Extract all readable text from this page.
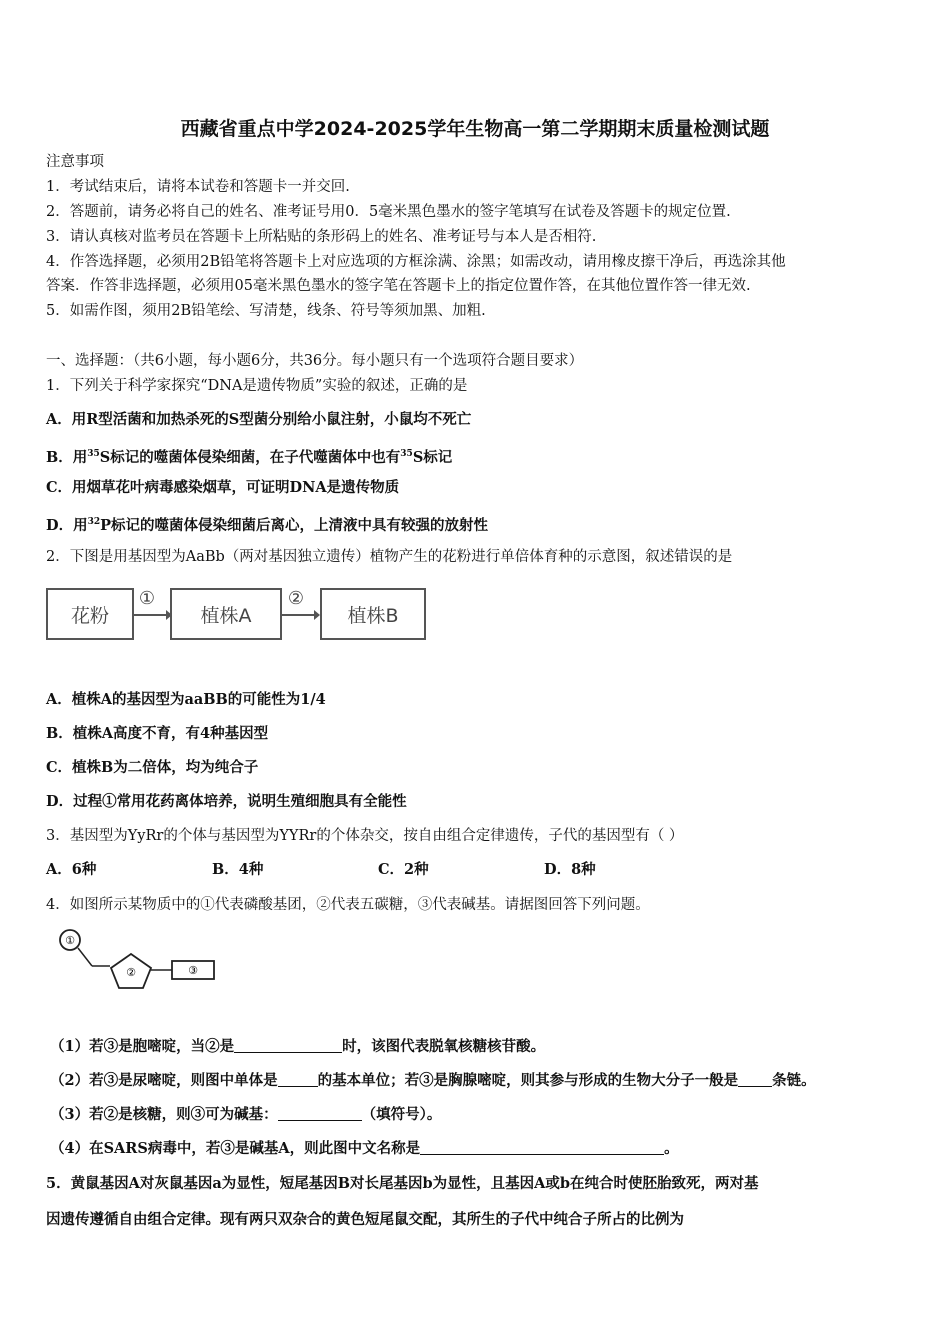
西藏省重点中学2024-2025学年生物高一第二学期期末质量检测试题
注意事项
1．考试结束后，请将本试卷和答题卡一并交回.
2．答题前，请务必将自己的姓名、准考证号用0．5毫米黑色墨水的签字笔填写在试卷及答题卡的规定位置.
3．请认真核对监考员在答题卡上所粘贴的条形码上的姓名、准考证号与本人是否相符.
4．作答选择题，必须用2B铅笔将答题卡上对应选项的方框涂满、涂黑；如需改动，请用橡皮擦干净后，再选涂其他
答案．作答非选择题，必须用05毫米黑色墨水的签字笔在答题卡上的指定位置作答，在其他位置作答一律无效.
5．如需作图，须用2B铅笔绘、写清楚，线条、符号等须加黑、加粗.
一、选择题：（共6小题，每小题6分，共36分。每小题只有一个选项符合题目要求）
1．下列关于科学家探究“DNA是遗传物质”实验的叙述，正确的是
A．用R型活菌和加热杀死的S型菌分别给小鼠注射，小鼠均不死亡
B．用$^{35}$S标记的噬菌体侵染细菌，在子代噬菌体中也有$^{35}$S标记
C．用烟草花叶病毒感染烟草，可证明DNA是遗传物质
D．用$^{32}$P标记的噬菌体侵染细菌后离心，上清液中具有较强的放射性
2．下图是用基因型为AaBb（两对基因独立遗传）植物产生的花粉进行单倍体育种的示意图，叙述错误的是
花粉
①
植株A
②
植株B
A．植株A的基因型为aaBB的可能性为1/4
B．植株A高度不育，有4种基因型
C．植株B为二倍体，均为纯合子
D．过程①常用花药离体培养，说明生殖细胞具有全能性
3．基因型为YyRr的个体与基因型为YYRr的个体杂交，按自由组合定律遗传，子代的基因型有（ ）
A．6种	B．4种	C．2种	D．8种
4．如图所示某物质中的①代表磷酸基团，②代表五碳糖，③代表碱基。请据图回答下列问题。
①
②	③
（1）若③是胞嘧啶，当②是	时，该图代表脱氧核糖核苷酸。
（2）若③是尿嘧啶，则图中单体是	的基本单位；若③是胸腺嘧啶，则其参与形成的生物大分子一般是 条链。
（3）若②是核糖，则③可为碱基：	（填符号）。
（4）在SARS病毒中，若③是碱基A，则此图中文名称是	。
5．黄鼠基因A对灰鼠基因a为显性，短尾基因B对长尾基因b为显性，且基因A或b在纯合时使胚胎致死，两对基
因遗传遵循自由组合定律。现有两只双杂合的黄色短尾鼠交配，其所生的子代中纯合子所占的比例为
